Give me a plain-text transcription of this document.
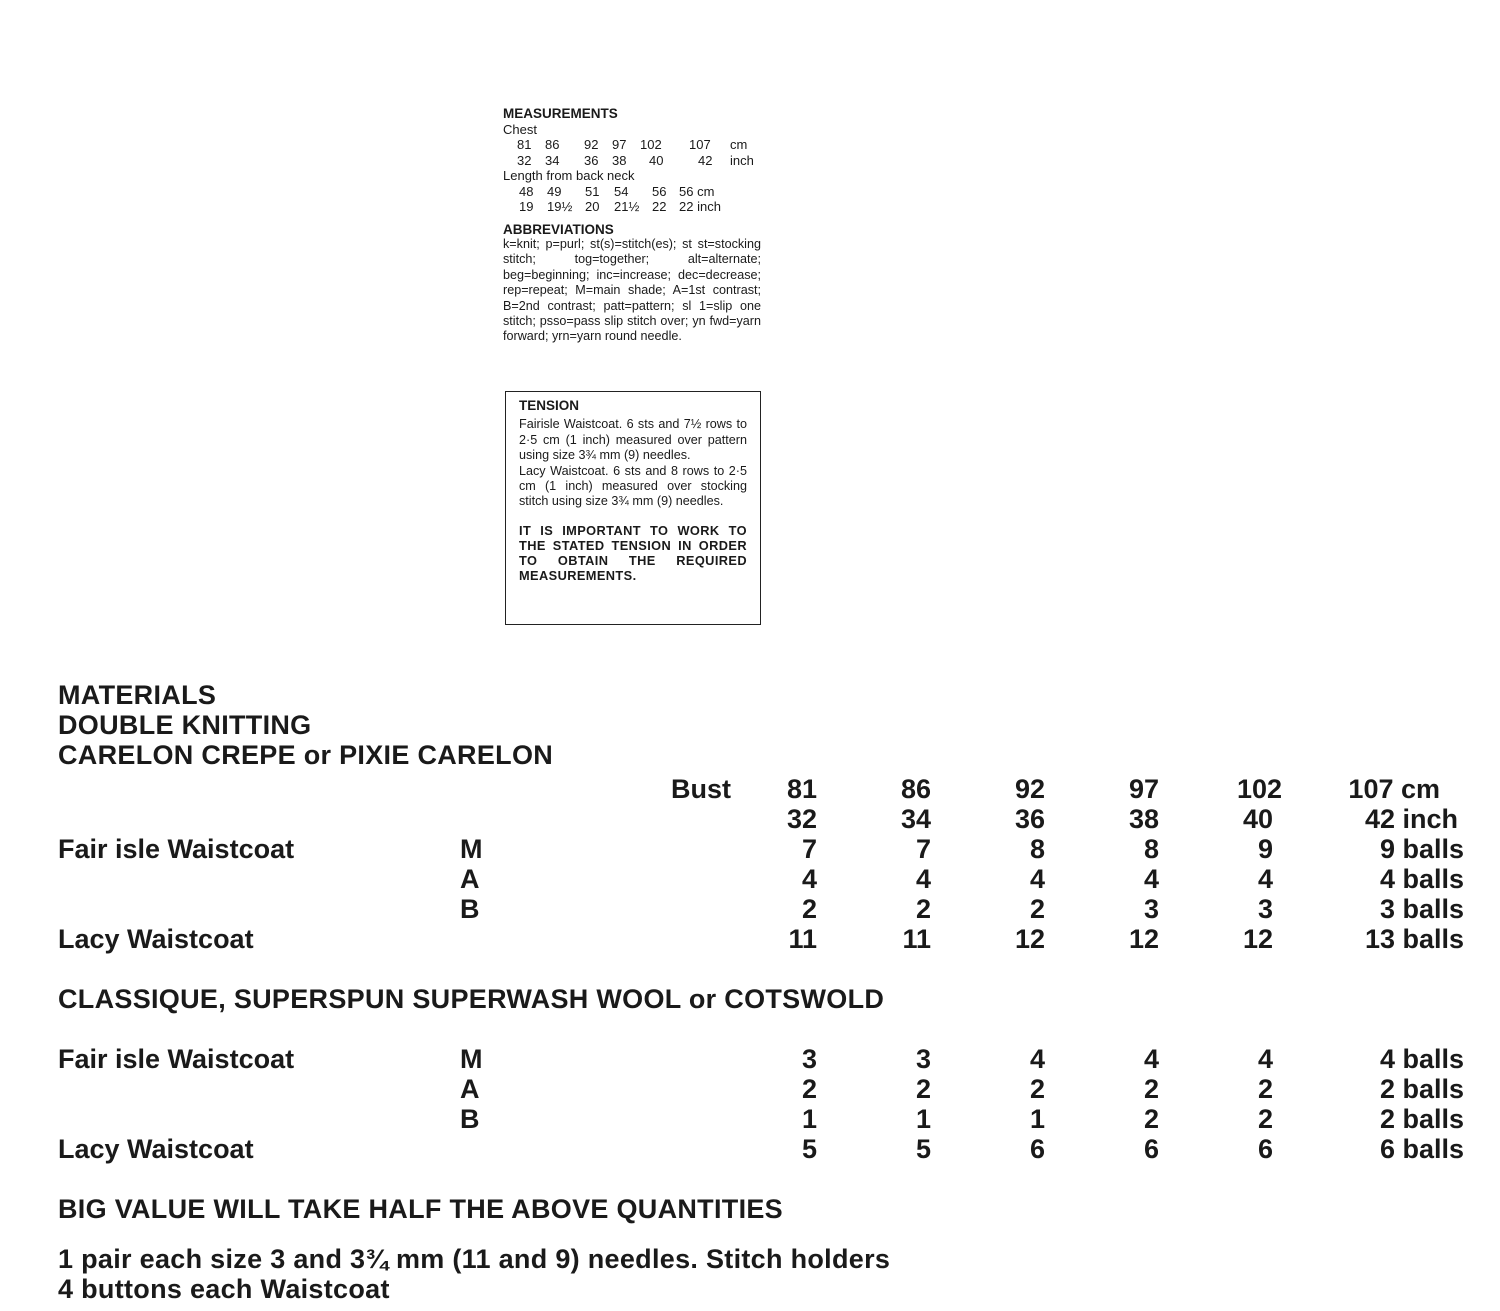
MEASUREMENTS
Chest
81 86 92 97 102 107 cm
32 34 36 38 40	42 inch
Length from back neck
48 49 51 54 56 56 cm
19 19½ 20 21½ 22 22 inch
ABBREVIATIONS
k=knit; p=purl; st(s)=stitch(es); st st=stocking stitch; tog=together; alt=alternate; beg=beginning; inc=increase; dec=decrease; rep=repeat; M=main shade; A=1st contrast; B=2nd contrast; patt=pattern; sl 1=slip one stitch; psso=pass slip stitch over; yn fwd=yarn forward; yrn=yarn round needle.
TENSION

Fairisle Waistcoat. 6 sts and 7½ rows to 2·5 cm (1 inch) measured over pattern using size 3¾ mm (9) needles.

Lacy Waistcoat. 6 sts and 8 rows to 2·5 cm (1 inch) measured over stocking stitch using size 3¾ mm (9) needles.

IT IS IMPORTANT TO WORK TO THE STATED TENSION IN ORDER TO OBTAIN THE REQUIRED MEASUREMENTS.

MATERIALS
DOUBLE KNITTING
CARELON CREPE or PIXIE CARELON
Bust	81	86	92	97	102	107 cm
32	34	36	38	40	42 inch
Fair isle Waistcoat	M	7	7	8	8	9	9 balls
A	4	4	4	4	4	4 balls
B	2	2	2	3	3	3 balls
Lacy Waistcoat	11	11	12	12	12	13 balls
CLASSIQUE, SUPERSPUN SUPERWASH WOOL or COTSWOLD
Fair isle Waistcoat	M	3	3	4	4	4	4 balls
A	2	2	2	2	2	2 balls
B	1	1	1	2	2	2 balls
Lacy Waistcoat	5	5	6	6	6	6 balls
BIG VALUE WILL TAKE HALF THE ABOVE QUANTITIES
1 pair each size 3 and 3¾ mm (11 and 9) needles. Stitch holders
4 buttons each Waistcoat
